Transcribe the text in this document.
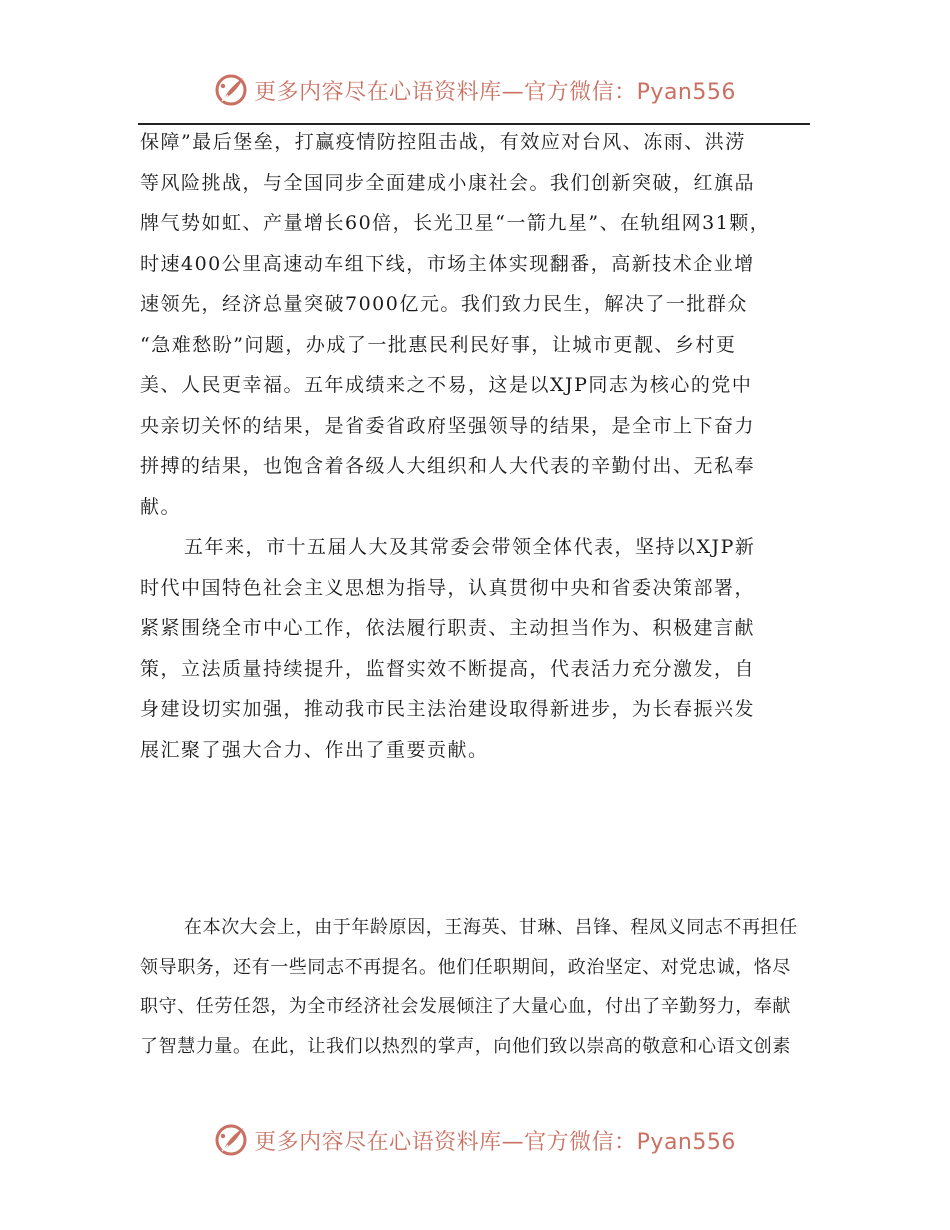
更多内容尽在心语资料库—官方微信：Pyan556
保障”最后堡垒，打赢疫情防控阻击战，有效应对台风、冻雨、洪涝
等风险挑战，与全国同步全面建成小康社会。我们创新突破，红旗品
牌气势如虹、产量增长60倍，长光卫星“一箭九星”、在轨组网31颗，
时速400公里高速动车组下线，市场主体实现翻番，高新技术企业增
速领先，经济总量突破7000亿元。我们致力民生，解决了一批群众
“急难愁盼”问题，办成了一批惠民利民好事，让城市更靓、乡村更
美、人民更幸福。五年成绩来之不易，这是以XJP同志为核心的党中
央亲切关怀的结果，是省委省政府坚强领导的结果，是全市上下奋力
拼搏的结果，也饱含着各级人大组织和人大代表的辛勤付出、无私奉
献。
五年来，市十五届人大及其常委会带领全体代表，坚持以XJP新
时代中国特色社会主义思想为指导，认真贯彻中央和省委决策部署，
紧紧围绕全市中心工作，依法履行职责、主动担当作为、积极建言献
策，立法质量持续提升，监督实效不断提高，代表活力充分激发，自
身建设切实加强，推动我市民主法治建设取得新进步，为长春振兴发
展汇聚了强大合力、作出了重要贡献。
在本次大会上，由于年龄原因，王海英、甘琳、吕锋、程凤义同志不再担任
领导职务，还有一些同志不再提名。他们任职期间，政治坚定、对党忠诚，恪尽
职守、任劳任怨，为全市经济社会发展倾注了大量心血，付出了辛勤努力，奉献
了智慧力量。在此，让我们以热烈的掌声，向他们致以崇高的敬意和心语文创素
更多内容尽在心语资料库—官方微信：Pyan556
